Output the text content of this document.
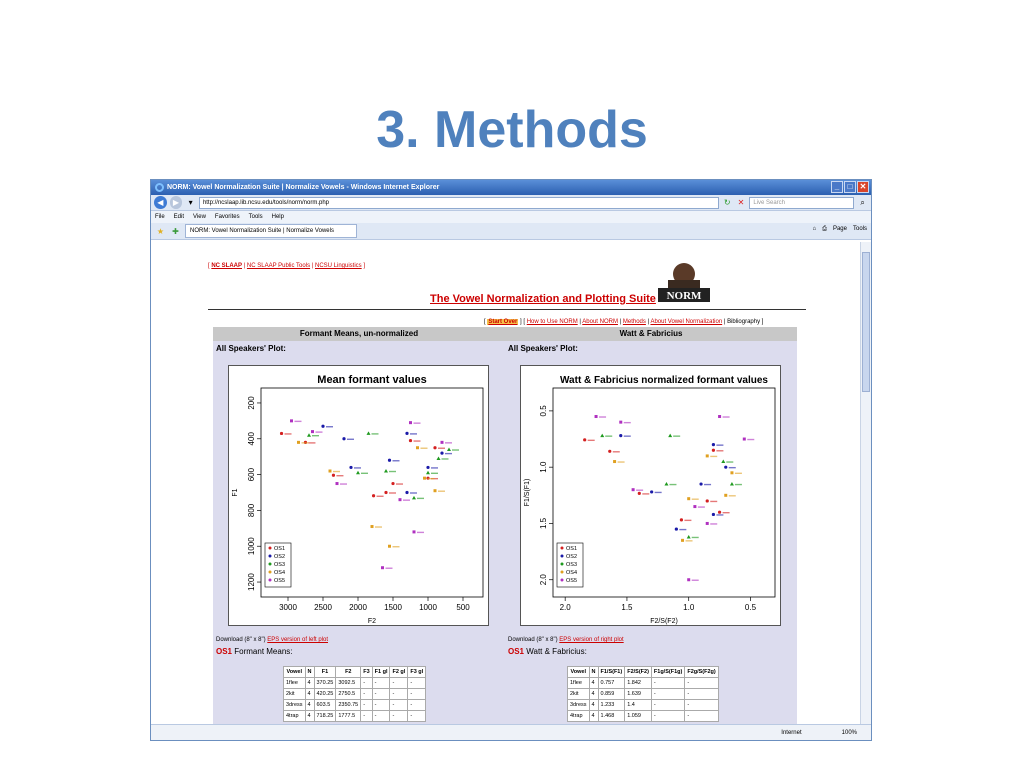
3. Methods
NORM: Vowel Normalization Suite | Normalize Vowels - Windows Internet Explorer	_	□ ✕
◀	▶	▾	http://ncslaap.lib.ncsu.edu/tools/norm/norm.php	↻ ✕	Live Search	⌕
File Edit View Favorites Tools Help
★ ✚	NORM: Vowel Normalization Suite | Normalize Vowels	⌂ ⎙ Page Tools
[ NC SLAAP | NC SLAAP Public Tools | NCSU Linguistics ]
The Vowel Normalization and Plotting Suite NORM
[ Start Over ] [ How to Use NORM | About NORM | Methods | About Vowel Normalization | Bibliography ]
Formant Means, un-normalized
All Speakers' Plot:
Mean formant values
3000 2500 2000 1500 1000 500
200
400
600
800
1000
1200
F2
F1
OS1
OS2
OS3
OS4
OS5
Download (8" x 8") EPS version of left plot
OS1 Formant Means:
Vowel	N	F1	F2	F3	F1 gl	F2 gl	F3 gl
1flee	4	370.25	3092.5	-	-	-	-
2kit	4	420.25	2750.5	-	-	-	-
3dress	4	603.5	2350.75	-	-	-	-
4trap	4	718.25	1777.5	-	-	-	-
Watt & Fabricius
All Speakers' Plot:
Watt & Fabricius normalized formant values
2.0	1.5	1.0	0.5
0.5
1.0
1.5
2.0
F2/S(F2)
F1/S(F1)
OS1
OS2
OS3
OS4
OS5
Download (8" x 8") EPS version of right plot
OS1 Watt & Fabricius:
Vowel	N	F1/S(F1)	F2/S(F2)	F1g/S(F1g)	F2g/S(F2g)
1flee	4	0.757	1.842	-	-
2kit	4	0.859	1.639	-	-
3dress	4	1.233	1.4	-	-
4trap	4	1.468	1.059	-	-
Internet	100%
